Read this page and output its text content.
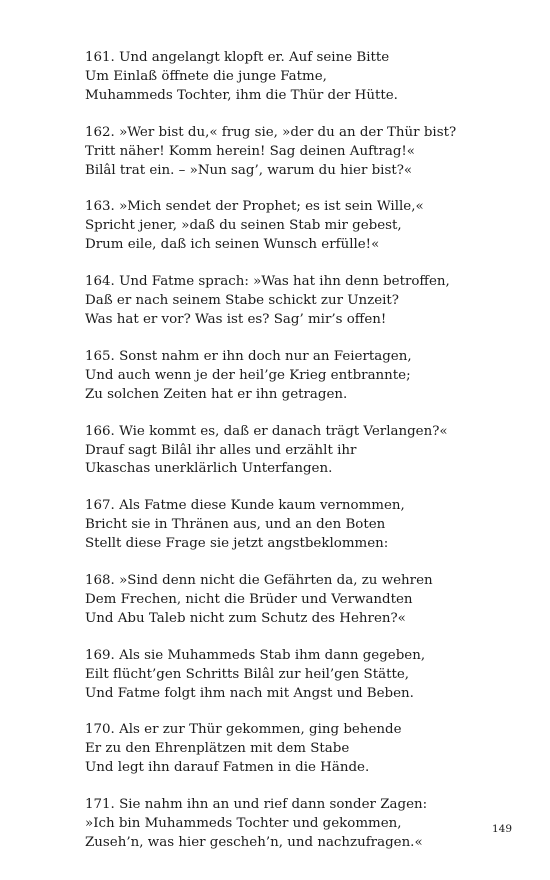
161. Und angelangt klopft er. Auf seine Bitte
Um Einlaß öffnete die junge Fatme,
Muhammeds Tochter, ihm die Thür der Hütte.
162. »Wer bist du,« frug sie, »der du an der Thür bist?
Tritt näher! Komm herein! Sag deinen Auftrag!«
Bilâl trat ein. – »Nun sag’, warum du hier bist?«
163. »Mich sendet der Prophet; es ist sein Wille,«
Spricht jener, »daß du seinen Stab mir gebest,
Drum eile, daß ich seinen Wunsch erfülle!«
164. Und Fatme sprach: »Was hat ihn denn betroffen,
Daß er nach seinem Stabe schickt zur Unzeit?
Was hat er vor? Was ist es? Sag’ mir’s offen!
165. Sonst nahm er ihn doch nur an Feiertagen,
Und auch wenn je der heil’ge Krieg entbrannte;
Zu solchen Zeiten hat er ihn getragen.
166. Wie kommt es, daß er danach trägt Verlangen?«
Drauf sagt Bilâl ihr alles und erzählt ihr
Ukaschas unerklärlich Unterfangen.
167. Als Fatme diese Kunde kaum vernommen,
Bricht sie in Thränen aus, und an den Boten
Stellt diese Frage sie jetzt angstbeklommen:
168. »Sind denn nicht die Gefährten da, zu wehren
Dem Frechen, nicht die Brüder und Verwandten
Und Abu Taleb nicht zum Schutz des Hehren?«
169. Als sie Muhammeds Stab ihm dann gegeben,
Eilt flücht’gen Schritts Bilâl zur heil’gen Stätte,
Und Fatme folgt ihm nach mit Angst und Beben.
170. Als er zur Thür gekommen, ging behende
Er zu den Ehrenplätzen mit dem Stabe
Und legt ihn darauf Fatmen in die Hände.
171. Sie nahm ihn an und rief dann sonder Zagen:
»Ich bin Muhammeds Tochter und gekommen,
Zuseh’n, was hier gescheh’n, und nachzufragen.«
149
